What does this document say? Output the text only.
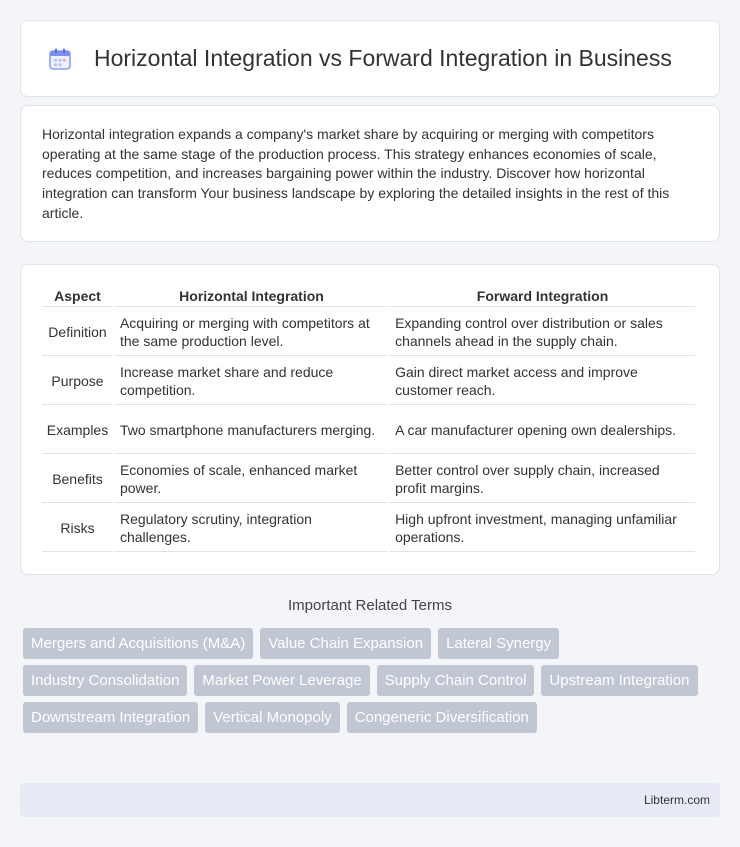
Horizontal Integration vs Forward Integration in Business

Horizontal integration expands a company's market share by acquiring or merging with competitors operating at the same stage of the production process. This strategy enhances economies of scale, reduces competition, and increases bargaining power within the industry. Discover how horizontal integration can transform Your business landscape by exploring the detailed insights in the rest of this article.

Aspect	Horizontal Integration	Forward Integration
Definition	Acquiring or merging with competitors at the same production level.	Expanding control over distribution or sales channels ahead in the supply chain.
Purpose	Increase market share and reduce competition.	Gain direct market access and improve customer reach.
Examples	Two smartphone manufacturers merging.	A car manufacturer opening own dealerships.
Benefits	Economies of scale, enhanced market power.	Better control over supply chain, increased profit margins.
Risks	Regulatory scrutiny, integration challenges.	High upfront investment, managing unfamiliar operations.
Important Related Terms
Mergers and Acquisitions (M&A)	Value Chain Expansion	Lateral Synergy
Industry Consolidation	Market Power Leverage	Supply Chain Control	Upstream Integration
Downstream Integration	Vertical Monopoly	Congeneric Diversification
Libterm.com
